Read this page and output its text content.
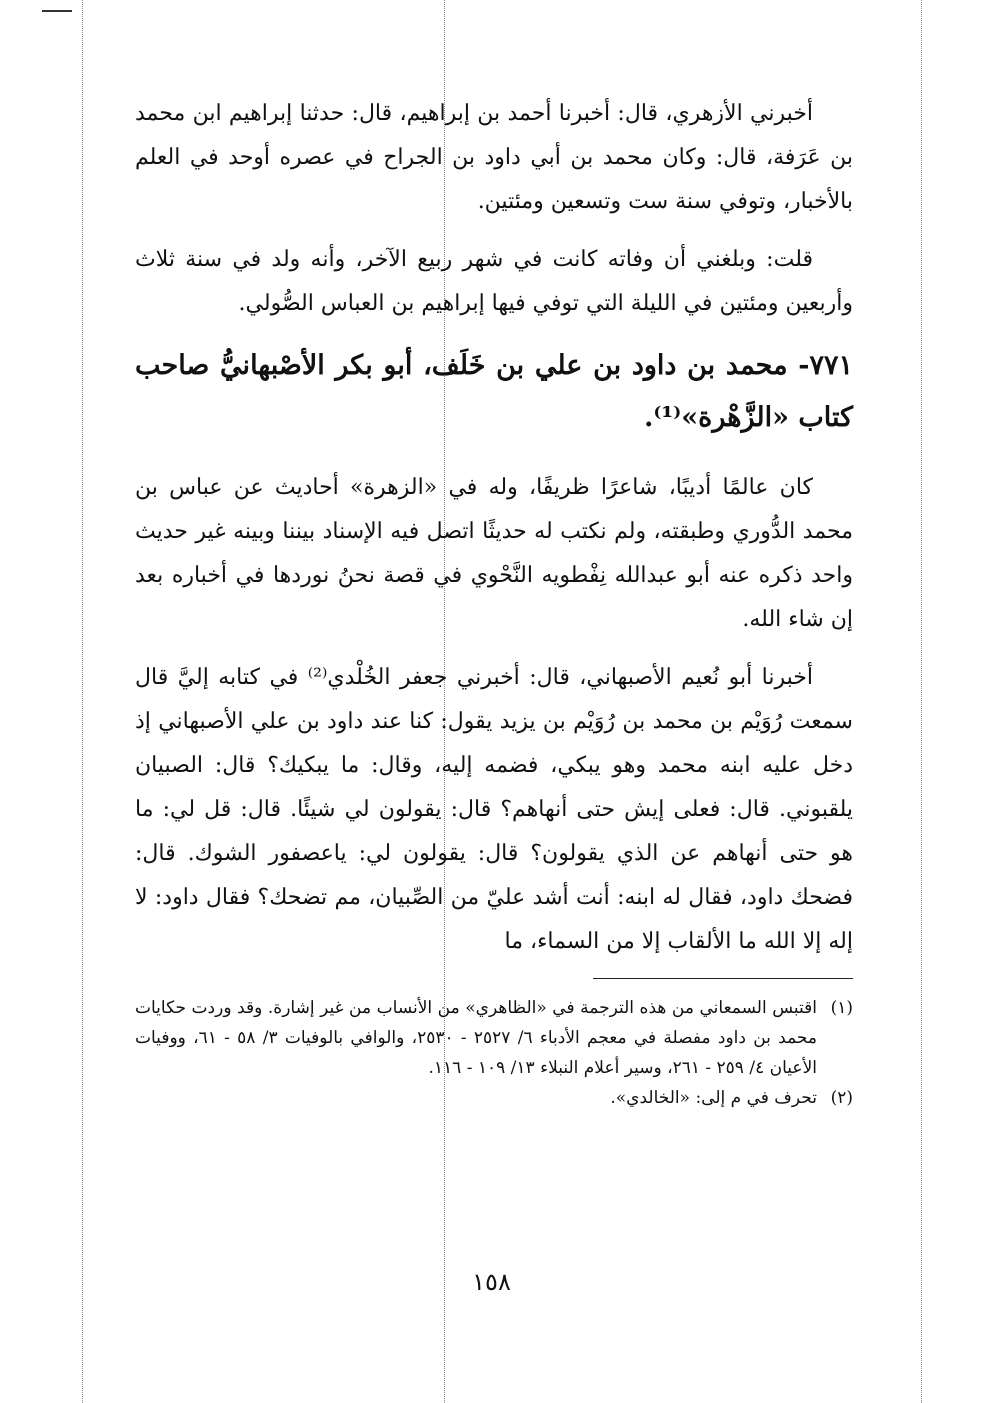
أخبرني الأزهري، قال: أخبرنا أحمد بن إبراهيم، قال: حدثنا إبراهيم ابن محمد بن عَرَفة، قال: وكان محمد بن أبي داود بن الجراح في عصره أوحد في العلم بالأخبار، وتوفي سنة ست وتسعين ومئتين.

قلت: وبلغني أن وفاته كانت في شهر ربيع الآخر، وأنه ولد في سنة ثلاث وأربعين ومئتين في الليلة التي توفي فيها إبراهيم بن العباس الصُّولي.

٧٧١- محمد بن داود بن علي بن خَلَف، أبو بكر الأصْبهانيُّ صاحب كتاب «الزَّهْرة»⁽¹⁾.

كان عالمًا أديبًا، شاعرًا ظريفًا، وله في «الزهرة» أحاديث عن عباس بن محمد الدُّوري وطبقته، ولم نكتب له حديثًا اتصل فيه الإسناد بيننا وبينه غير حديث واحد ذكره عنه أبو عبدالله نِفْطويه النَّحْوي في قصة نحنُ نوردها في أخباره بعد إن شاء الله.

أخبرنا أبو نُعيم الأصبهاني، قال: أخبرني جعفر الخُلْدي⁽²⁾ في كتابه إليَّ قال سمعت رُوَيْم بن محمد بن رُوَيْم بن يزيد يقول: كنا عند داود بن علي الأصبهاني إذ دخل عليه ابنه محمد وهو يبكي، فضمه إليه، وقال: ما يبكيك؟ قال: الصبيان يلقبوني. قال: فعلى إيش حتى أنهاهم؟ قال: يقولون لي شيئًا. قال: قل لي: ما هو حتى أنهاهم عن الذي يقولون؟ قال: يقولون لي: ياعصفور الشوك. قال: فضحك داود، فقال له ابنه: أنت أشد عليّ من الصِّبيان، مم تضحك؟ فقال داود: لا إله إلا الله ما الألقاب إلا من السماء، ما

(١)
اقتبس السمعاني من هذه الترجمة في «الظاهري» من الأنساب من غير إشارة. وقد وردت حكايات محمد بن داود مفصلة في معجم الأدباء ٦/ ٢٥٢٧ - ٢٥٣٠، والوافي بالوفيات ٣/ ٥٨ - ٦١، ووفيات الأعيان ٤/ ٢٥٩ - ٢٦١، وسير أعلام النبلاء ١٣/ ١٠٩ - ١١٦.
(٢)
تحرف في م إلى: «الخالدي».
١٥٨
